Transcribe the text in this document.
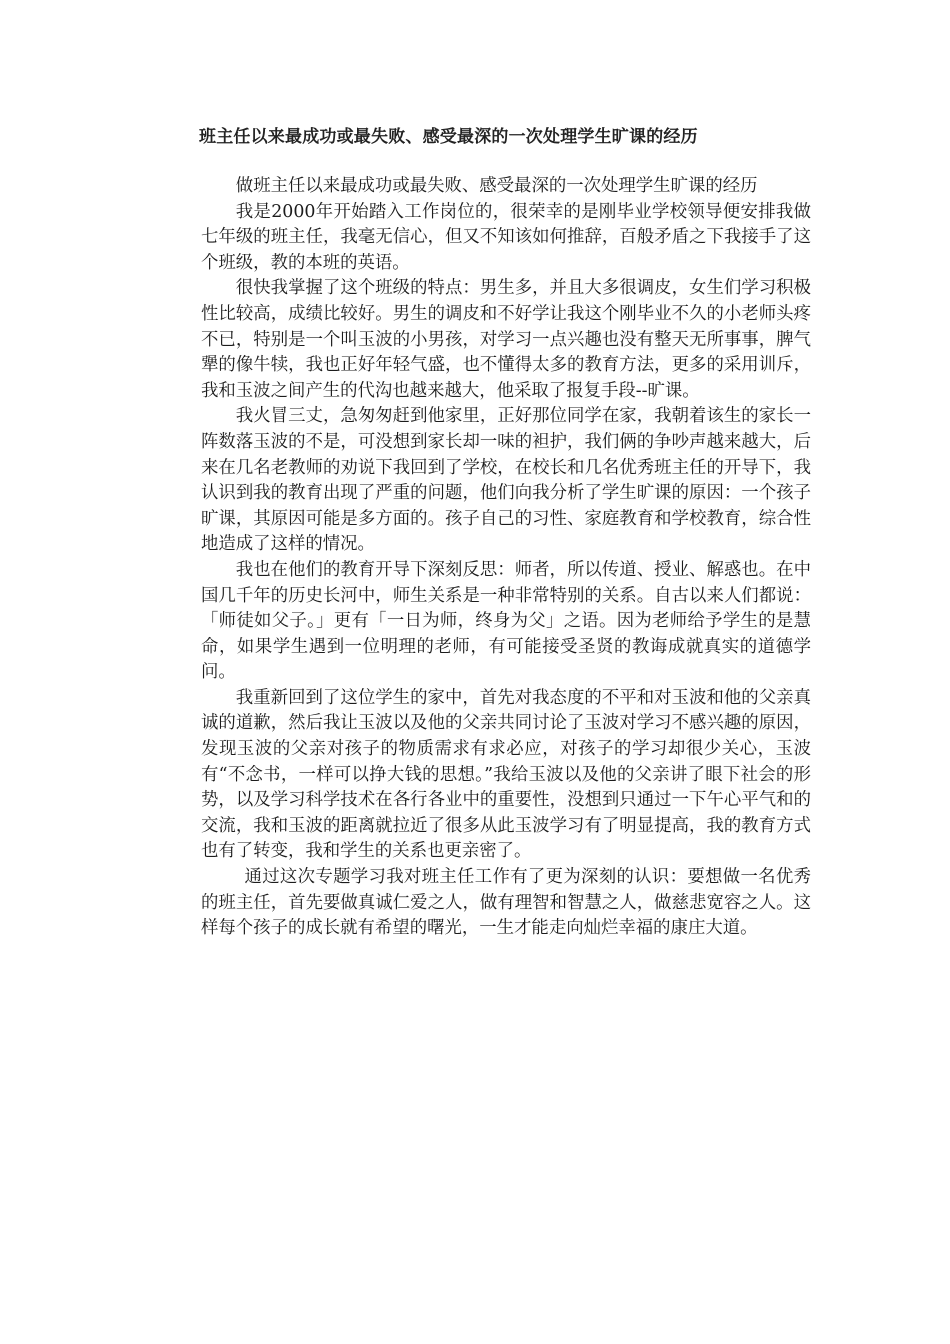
班主任以来最成功或最失败、感受最深的一次处理学生旷课的经历

做班主任以来最成功或最失败、感受最深的一次处理学生旷课的经历

我是2000年开始踏入工作岗位的，很荣幸的是刚毕业学校领导便安排我做七年级的班主任，我毫无信心，但又不知该如何推辞，百般矛盾之下我接手了这个班级，教的本班的英语。

很快我掌握了这个班级的特点：男生多，并且大多很调皮，女生们学习积极性比较高，成绩比较好。男生的调皮和不好学让我这个刚毕业不久的小老师头疼不已，特别是一个叫玉波的小男孩，对学习一点兴趣也没有整天无所事事，脾气犟的像牛犊，我也正好年轻气盛，也不懂得太多的教育方法，更多的采用训斥，我和玉波之间产生的代沟也越来越大，他采取了报复手段--旷课。

我火冒三丈，急匆匆赶到他家里，正好那位同学在家，我朝着该生的家长一阵数落玉波的不是，可没想到家长却一味的袒护，我们俩的争吵声越来越大，后来在几名老教师的劝说下我回到了学校，在校长和几名优秀班主任的开导下，我认识到我的教育出现了严重的问题，他们向我分析了学生旷课的原因：一个孩子旷课，其原因可能是多方面的。孩子自己的习性、家庭教育和学校教育，综合性地造成了这样的情况。

我也在他们的教育开导下深刻反思：师者，所以传道、授业、解惑也。在中国几千年的历史长河中，师生关系是一种非常特别的关系。自古以来人们都说：「师徒如父子。」更有「一日为师，终身为父」之语。因为老师给予学生的是慧命，如果学生遇到一位明理的老师，有可能接受圣贤的教诲成就真实的道德学问。

我重新回到了这位学生的家中，首先对我态度的不平和对玉波和他的父亲真诚的道歉，然后我让玉波以及他的父亲共同讨论了玉波对学习不感兴趣的原因，发现玉波的父亲对孩子的物质需求有求必应，对孩子的学习却很少关心，玉波有“不念书，一样可以挣大钱的思想。”我给玉波以及他的父亲讲了眼下社会的形势，以及学习科学技术在各行各业中的重要性，没想到只通过一下午心平气和的交流，我和玉波的距离就拉近了很多从此玉波学习有了明显提高，我的教育方式也有了转变，我和学生的关系也更亲密了。

通过这次专题学习我对班主任工作有了更为深刻的认识：要想做一名优秀的班主任，首先要做真诚仁爱之人，做有理智和智慧之人，做慈悲宽容之人。这样每个孩子的成长就有希望的曙光，一生才能走向灿烂幸福的康庄大道。
